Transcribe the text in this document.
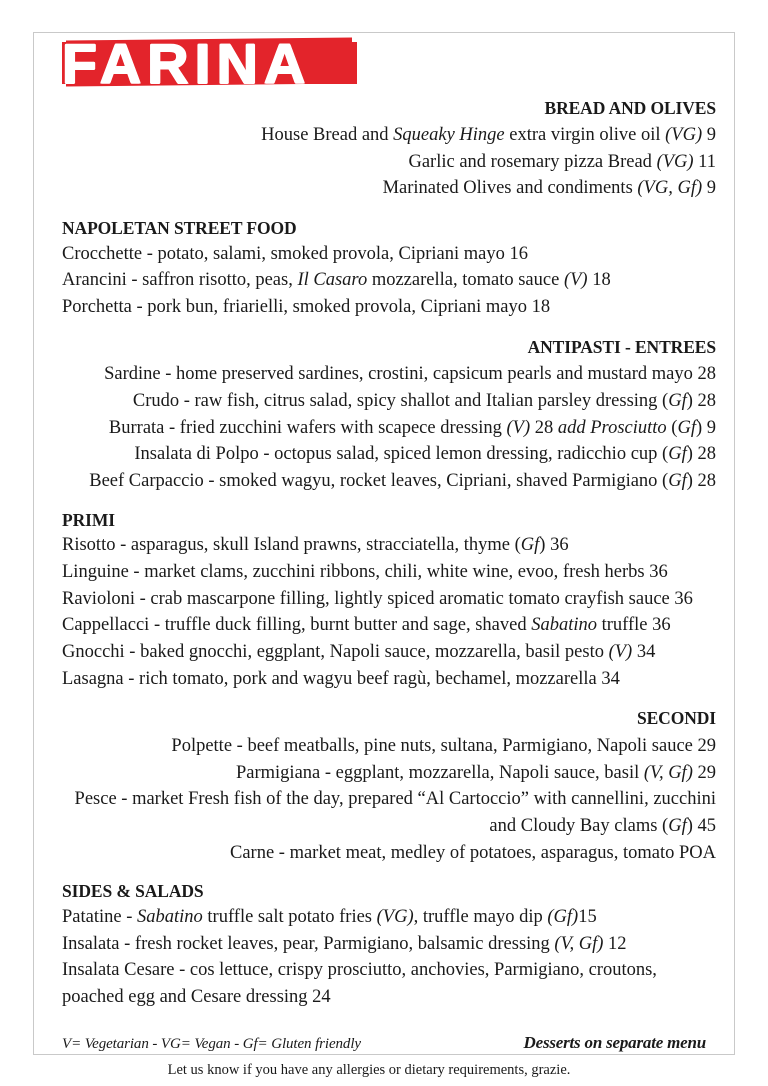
FARINA
BREAD AND OLIVES
House Bread and Squeaky Hinge extra virgin olive oil (VG) 9
Garlic and rosemary pizza Bread (VG) 11
Marinated Olives and condiments (VG, Gf) 9
NAPOLETAN STREET FOOD
Crocchette - potato, salami, smoked provola, Cipriani mayo 16
Arancini - saffron risotto, peas, Il Casaro mozzarella, tomato sauce (V) 18
Porchetta - pork bun, friarielli, smoked provola, Cipriani mayo 18
ANTIPASTI - ENTREES
Sardine - home preserved sardines, crostini, capsicum pearls and mustard mayo 28
Crudo - raw fish, citrus salad, spicy shallot and Italian parsley dressing (Gf) 28
Burrata - fried zucchini wafers with scapece dressing (V) 28 add Prosciutto (Gf) 9
Insalata di Polpo - octopus salad, spiced lemon dressing, radicchio cup (Gf) 28
Beef Carpaccio - smoked wagyu, rocket leaves, Cipriani, shaved Parmigiano (Gf) 28
PRIMI
Risotto - asparagus, skull Island prawns, stracciatella, thyme (Gf) 36
Linguine - market clams, zucchini ribbons, chili, white wine, evoo, fresh herbs 36
Ravioloni - crab mascarpone filling, lightly spiced aromatic tomato crayfish sauce 36
Cappellacci - truffle duck filling, burnt butter and sage, shaved Sabatino truffle 36
Gnocchi - baked gnocchi, eggplant, Napoli sauce, mozzarella, basil pesto (V) 34
Lasagna - rich tomato, pork and wagyu beef ragù, bechamel, mozzarella 34
SECONDI
Polpette - beef meatballs, pine nuts, sultana, Parmigiano, Napoli sauce 29
Parmigiana - eggplant, mozzarella, Napoli sauce, basil (V, Gf) 29
Pesce - market Fresh fish of the day, prepared “Al Cartoccio” with cannellini, zucchini and Cloudy Bay clams (Gf) 45
Carne - market meat, medley of potatoes, asparagus, tomato POA
SIDES & SALADS
Patatine - Sabatino truffle salt potato fries (VG), truffle mayo dip (Gf)15
Insalata - fresh rocket leaves, pear, Parmigiano, balsamic dressing (V, Gf) 12
Insalata Cesare - cos lettuce, crispy prosciutto, anchovies, Parmigiano, croutons, poached egg and Cesare dressing 24
V= Vegetarian - VG= Vegan - Gf= Gluten friendly	Desserts on separate menu
Let us know if you have any allergies or dietary requirements, grazie.
